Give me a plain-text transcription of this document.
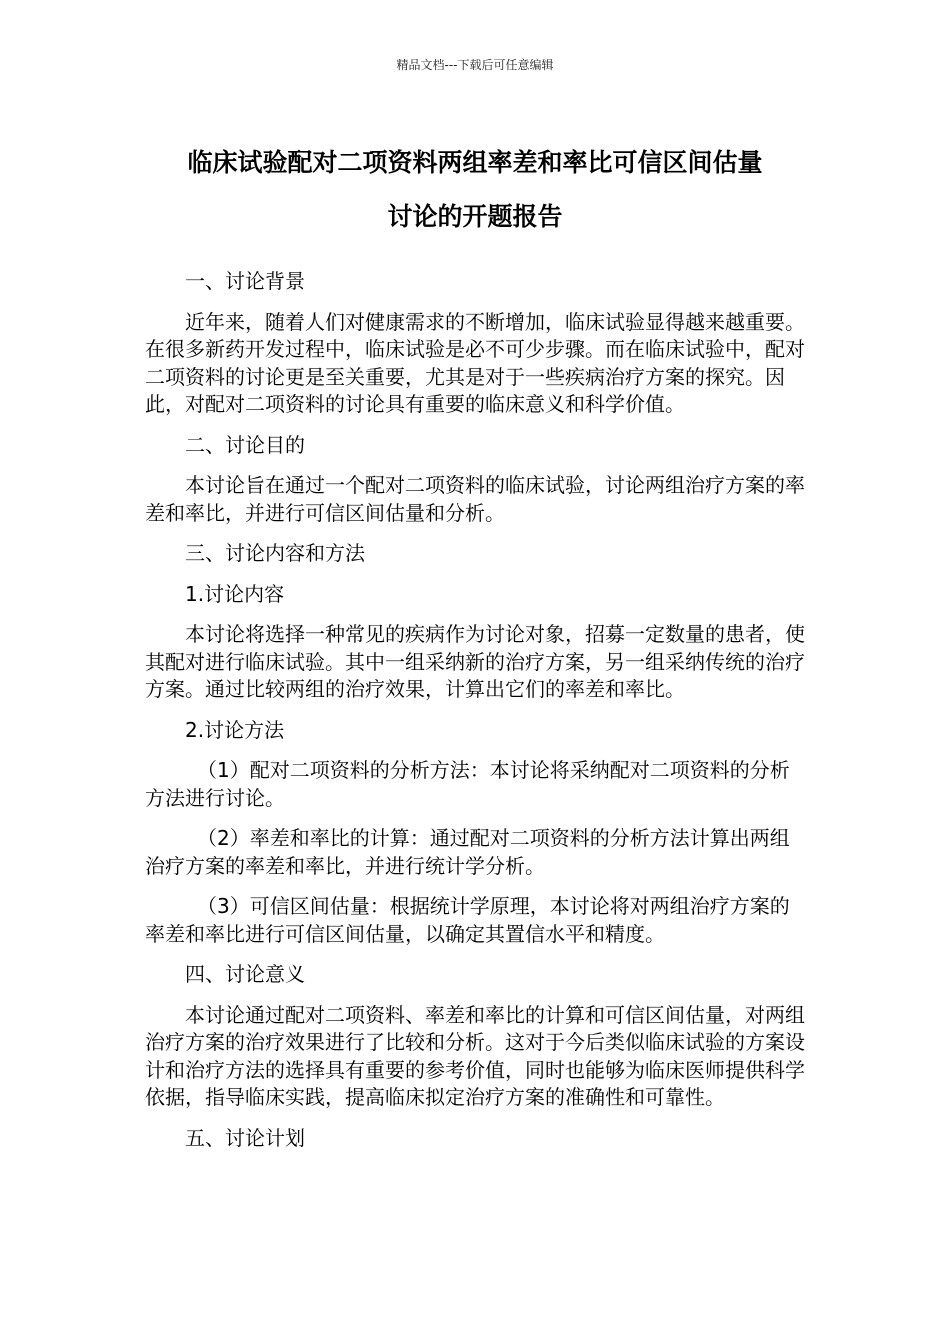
精品文档---下载后可任意编辑
临床试验配对二项资料两组率差和率比可信区间估量
讨论的开题报告

一、讨论背景

近年来，随着人们对健康需求的不断增加，临床试验显得越来越重要。在很多新药开发过程中，临床试验是必不可少步骤。而在临床试验中，配对二项资料的讨论更是至关重要，尤其是对于一些疾病治疗方案的探究。因此，对配对二项资料的讨论具有重要的临床意义和科学价值。

二、讨论目的

本讨论旨在通过一个配对二项资料的临床试验，讨论两组治疗方案的率差和率比，并进行可信区间估量和分析。

三、讨论内容和方法

1.讨论内容

本讨论将选择一种常见的疾病作为讨论对象，招募一定数量的患者，使其配对进行临床试验。其中一组采纳新的治疗方案，另一组采纳传统的治疗方案。通过比较两组的治疗效果，计算出它们的率差和率比。

2.讨论方法

（1）配对二项资料的分析方法：本讨论将采纳配对二项资料的分析方法进行讨论。

（2）率差和率比的计算：通过配对二项资料的分析方法计算出两组治疗方案的率差和率比，并进行统计学分析。

（3）可信区间估量：根据统计学原理，本讨论将对两组治疗方案的率差和率比进行可信区间估量，以确定其置信水平和精度。

四、讨论意义

本讨论通过配对二项资料、率差和率比的计算和可信区间估量，对两组治疗方案的治疗效果进行了比较和分析。这对于今后类似临床试验的方案设计和治疗方法的选择具有重要的参考价值，同时也能够为临床医师提供科学依据，指导临床实践，提高临床拟定治疗方案的准确性和可靠性。

五、讨论计划
